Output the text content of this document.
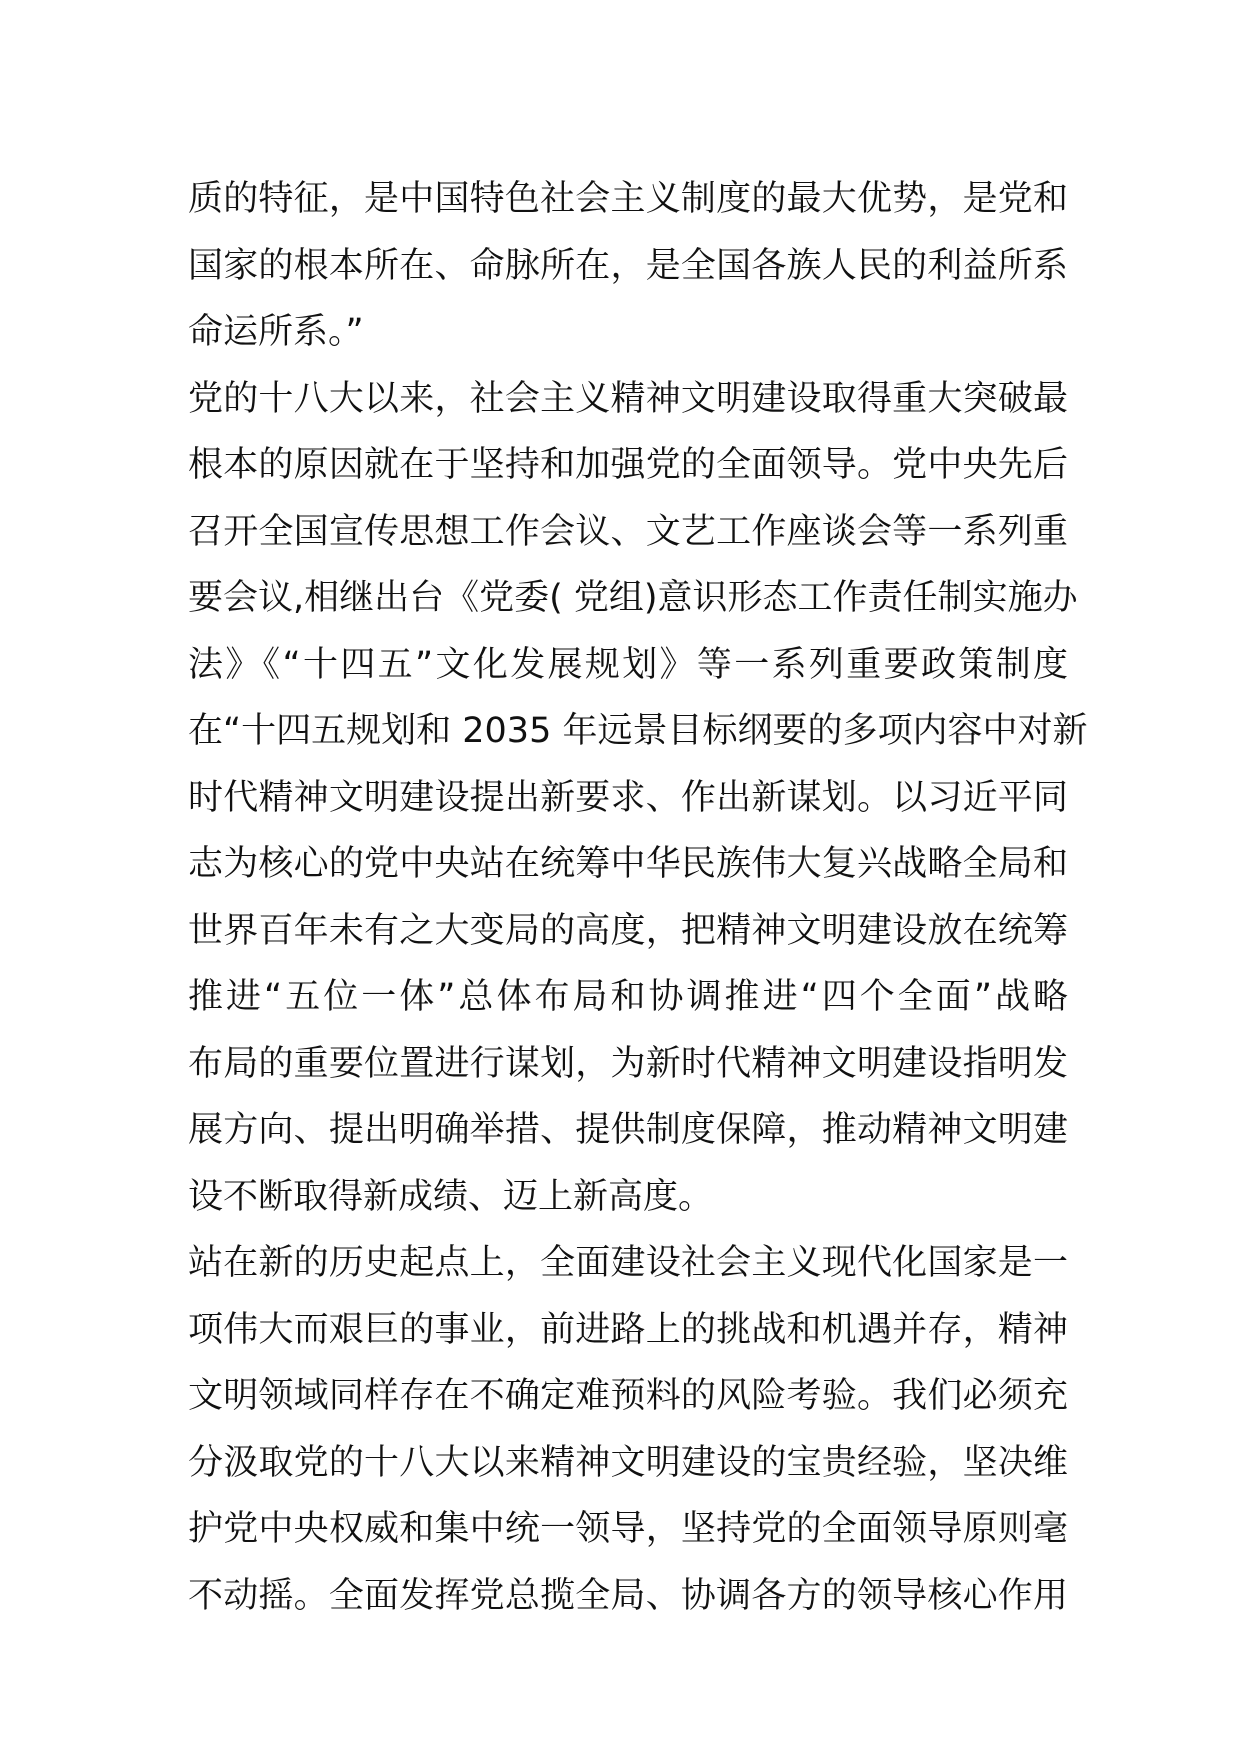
质的特征，是中国特色社会主义制度的最大优势，是党和
国家的根本所在、命脉所在，是全国各族人民的利益所系
命运所系。”
党的十八大以来，社会主义精神文明建设取得重大突破最
根本的原因就在于坚持和加强党的全面领导。党中央先后
召开全国宣传思想工作会议、文艺工作座谈会等一系列重
要会议,相继出台《党委( 党组)意识形态工作责任制实施办
法》《“十四五”文化发展规划》等一系列重要政策制度
在“十四五规划和 2035 年远景目标纲要的多项内容中对新
时代精神文明建设提出新要求、作出新谋划。以习近平同
志为核心的党中央站在统筹中华民族伟大复兴战略全局和
世界百年未有之大变局的高度，把精神文明建设放在统筹
推进“五位一体”总体布局和协调推进“四个全面”战略
布局的重要位置进行谋划，为新时代精神文明建设指明发
展方向、提出明确举措、提供制度保障，推动精神文明建
设不断取得新成绩、迈上新高度。
站在新的历史起点上，全面建设社会主义现代化国家是一
项伟大而艰巨的事业，前进路上的挑战和机遇并存，精神
文明领域同样存在不确定难预料的风险考验。我们必须充
分汲取党的十八大以来精神文明建设的宝贵经验，坚决维
护党中央权威和集中统一领导，坚持党的全面领导原则毫
不动摇。全面发挥党总揽全局、协调各方的领导核心作用
